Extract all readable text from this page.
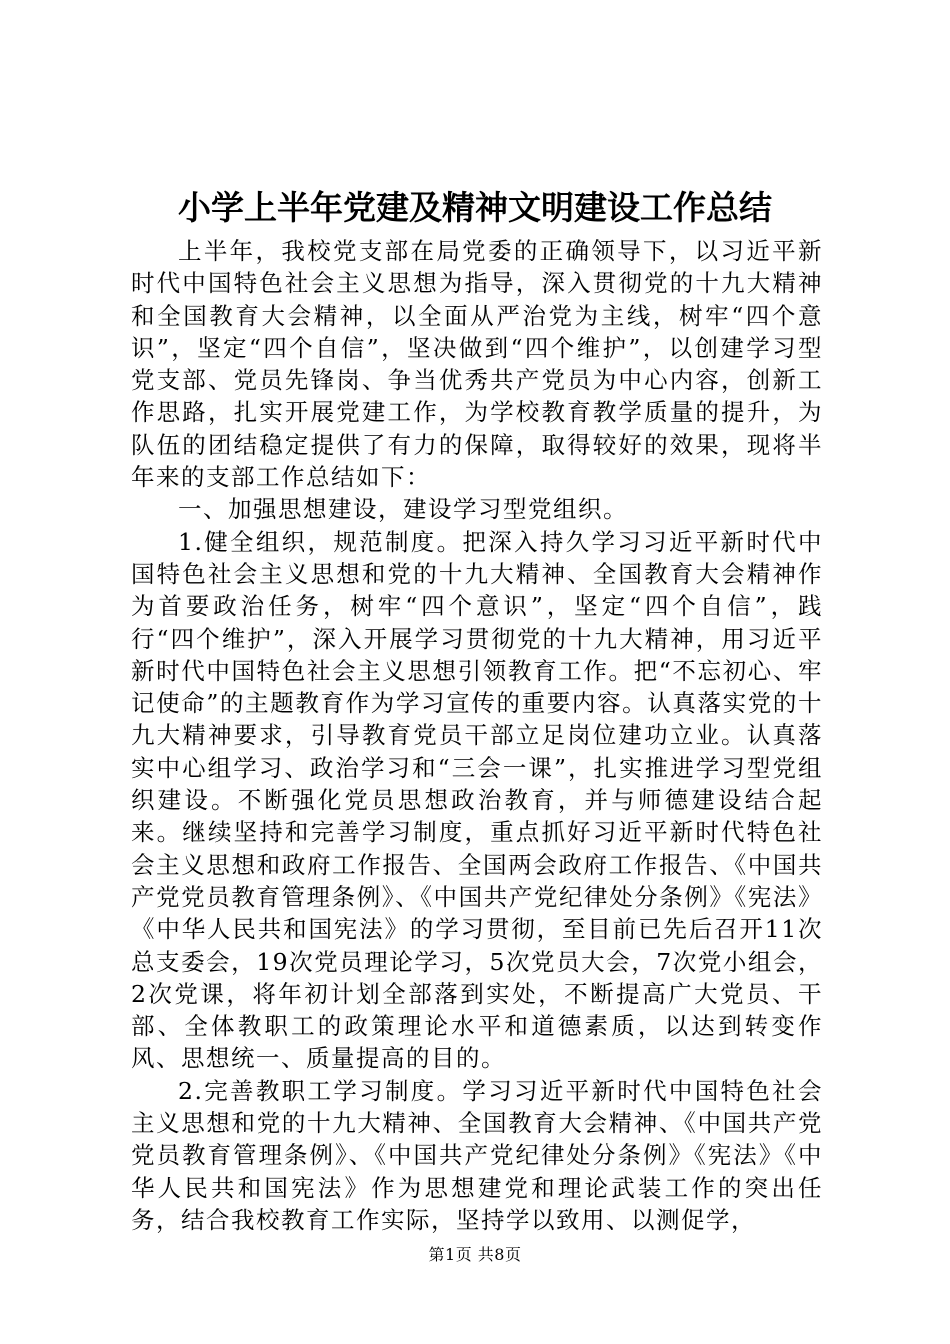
小学上半年党建及精神文明建设工作总结

上半年，我校党支部在局党委的正确领导下，以习近平新时代中国特色社会主义思想为指导，深入贯彻党的十九大精神和全国教育大会精神，以全面从严治党为主线，树牢“四个意识”，坚定“四个自信”，坚决做到“四个维护”，以创建学习型党支部、党员先锋岗、争当优秀共产党员为中心内容，创新工作思路，扎实开展党建工作，为学校教育教学质量的提升，为队伍的团结稳定提供了有力的保障，取得较好的效果，现将半年来的支部工作总结如下：

一、加强思想建设，建设学习型党组织。

1.健全组织，规范制度。把深入持久学习习近平新时代中国特色社会主义思想和党的十九大精神、全国教育大会精神作为首要政治任务，树牢“四个意识”，坚定“四个自信”，践行“四个维护”，深入开展学习贯彻党的十九大精神，用习近平新时代中国特色社会主义思想引领教育工作。把“不忘初心、牢记使命”的主题教育作为学习宣传的重要内容。认真落实党的十九大精神要求，引导教育党员干部立足岗位建功立业。认真落实中心组学习、政治学习和“三会一课”，扎实推进学习型党组织建设。不断强化党员思想政治教育，并与师德建设结合起来。继续坚持和完善学习制度，重点抓好习近平新时代特色社会主义思想和政府工作报告、全国两会政府工作报告、《中国共产党党员教育管理条例》、《中国共产党纪律处分条例》《宪法》《中华人民共和国宪法》的学习贯彻，至目前已先后召开11次总支委会，19次党员理论学习，5次党员大会，7次党小组会，2次党课，将年初计划全部落到实处，不断提高广大党员、干部、全体教职工的政策理论水平和道德素质，以达到转变作风、思想统一、质量提高的目的。

2.完善教职工学习制度。学习习近平新时代中国特色社会主义思想和党的十九大精神、全国教育大会精神、《中国共产党党员教育管理条例》、《中国共产党纪律处分条例》《宪法》《中华人民共和国宪法》作为思想建党和理论武装工作的突出任务，结合我校教育工作实际，坚持学以致用、以测促学，

第1页 共8页
